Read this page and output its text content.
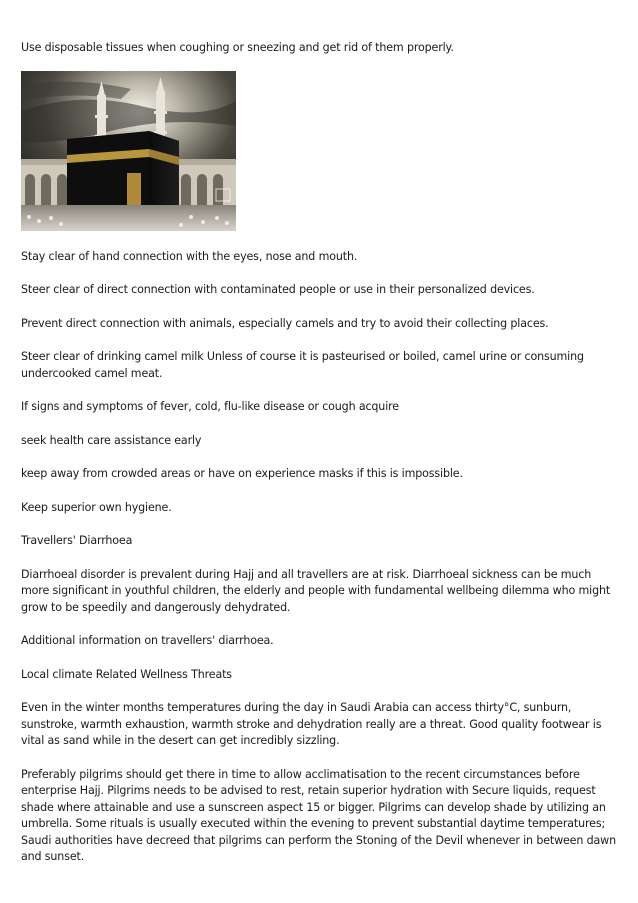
Use disposable tissues when coughing or sneezing and get rid of them properly.

Stay clear of hand connection with the eyes, nose and mouth.

Steer clear of direct connection with contaminated people or use in their personalized devices.

Prevent direct connection with animals, especially camels and try to avoid their collecting places.

Steer clear of drinking camel milk Unless of course it is pasteurised or boiled, camel urine or consuming undercooked camel meat.

If signs and symptoms of fever, cold, flu-like disease or cough acquire

seek health care assistance early

keep away from crowded areas or have on experience masks if this is impossible.

Keep superior own hygiene.

Travellers' Diarrhoea

Diarrhoeal disorder is prevalent during Hajj and all travellers are at risk. Diarrhoeal sickness can be much more significant in youthful children, the elderly and people with fundamental wellbeing dilemma who might grow to be speedily and dangerously dehydrated.

Additional information on travellers' diarrhoea.

Local climate Related Wellness Threats

Even in the winter months temperatures during the day in Saudi Arabia can access thirty°C, sunburn, sunstroke, warmth exhaustion, warmth stroke and dehydration really are a threat. Good quality footwear is vital as sand while in the desert can get incredibly sizzling.

Preferably pilgrims should get there in time to allow acclimatisation to the recent circumstances before enterprise Hajj. Pilgrims needs to be advised to rest, retain superior hydration with Secure liquids, request shade where attainable and use a sunscreen aspect 15 or bigger. Pilgrims can develop shade by utilizing an umbrella. Some rituals is usually executed within the evening to prevent substantial daytime temperatures; Saudi authorities have decreed that pilgrims can perform the Stoning of the Devil whenever in between dawn and sunset.
